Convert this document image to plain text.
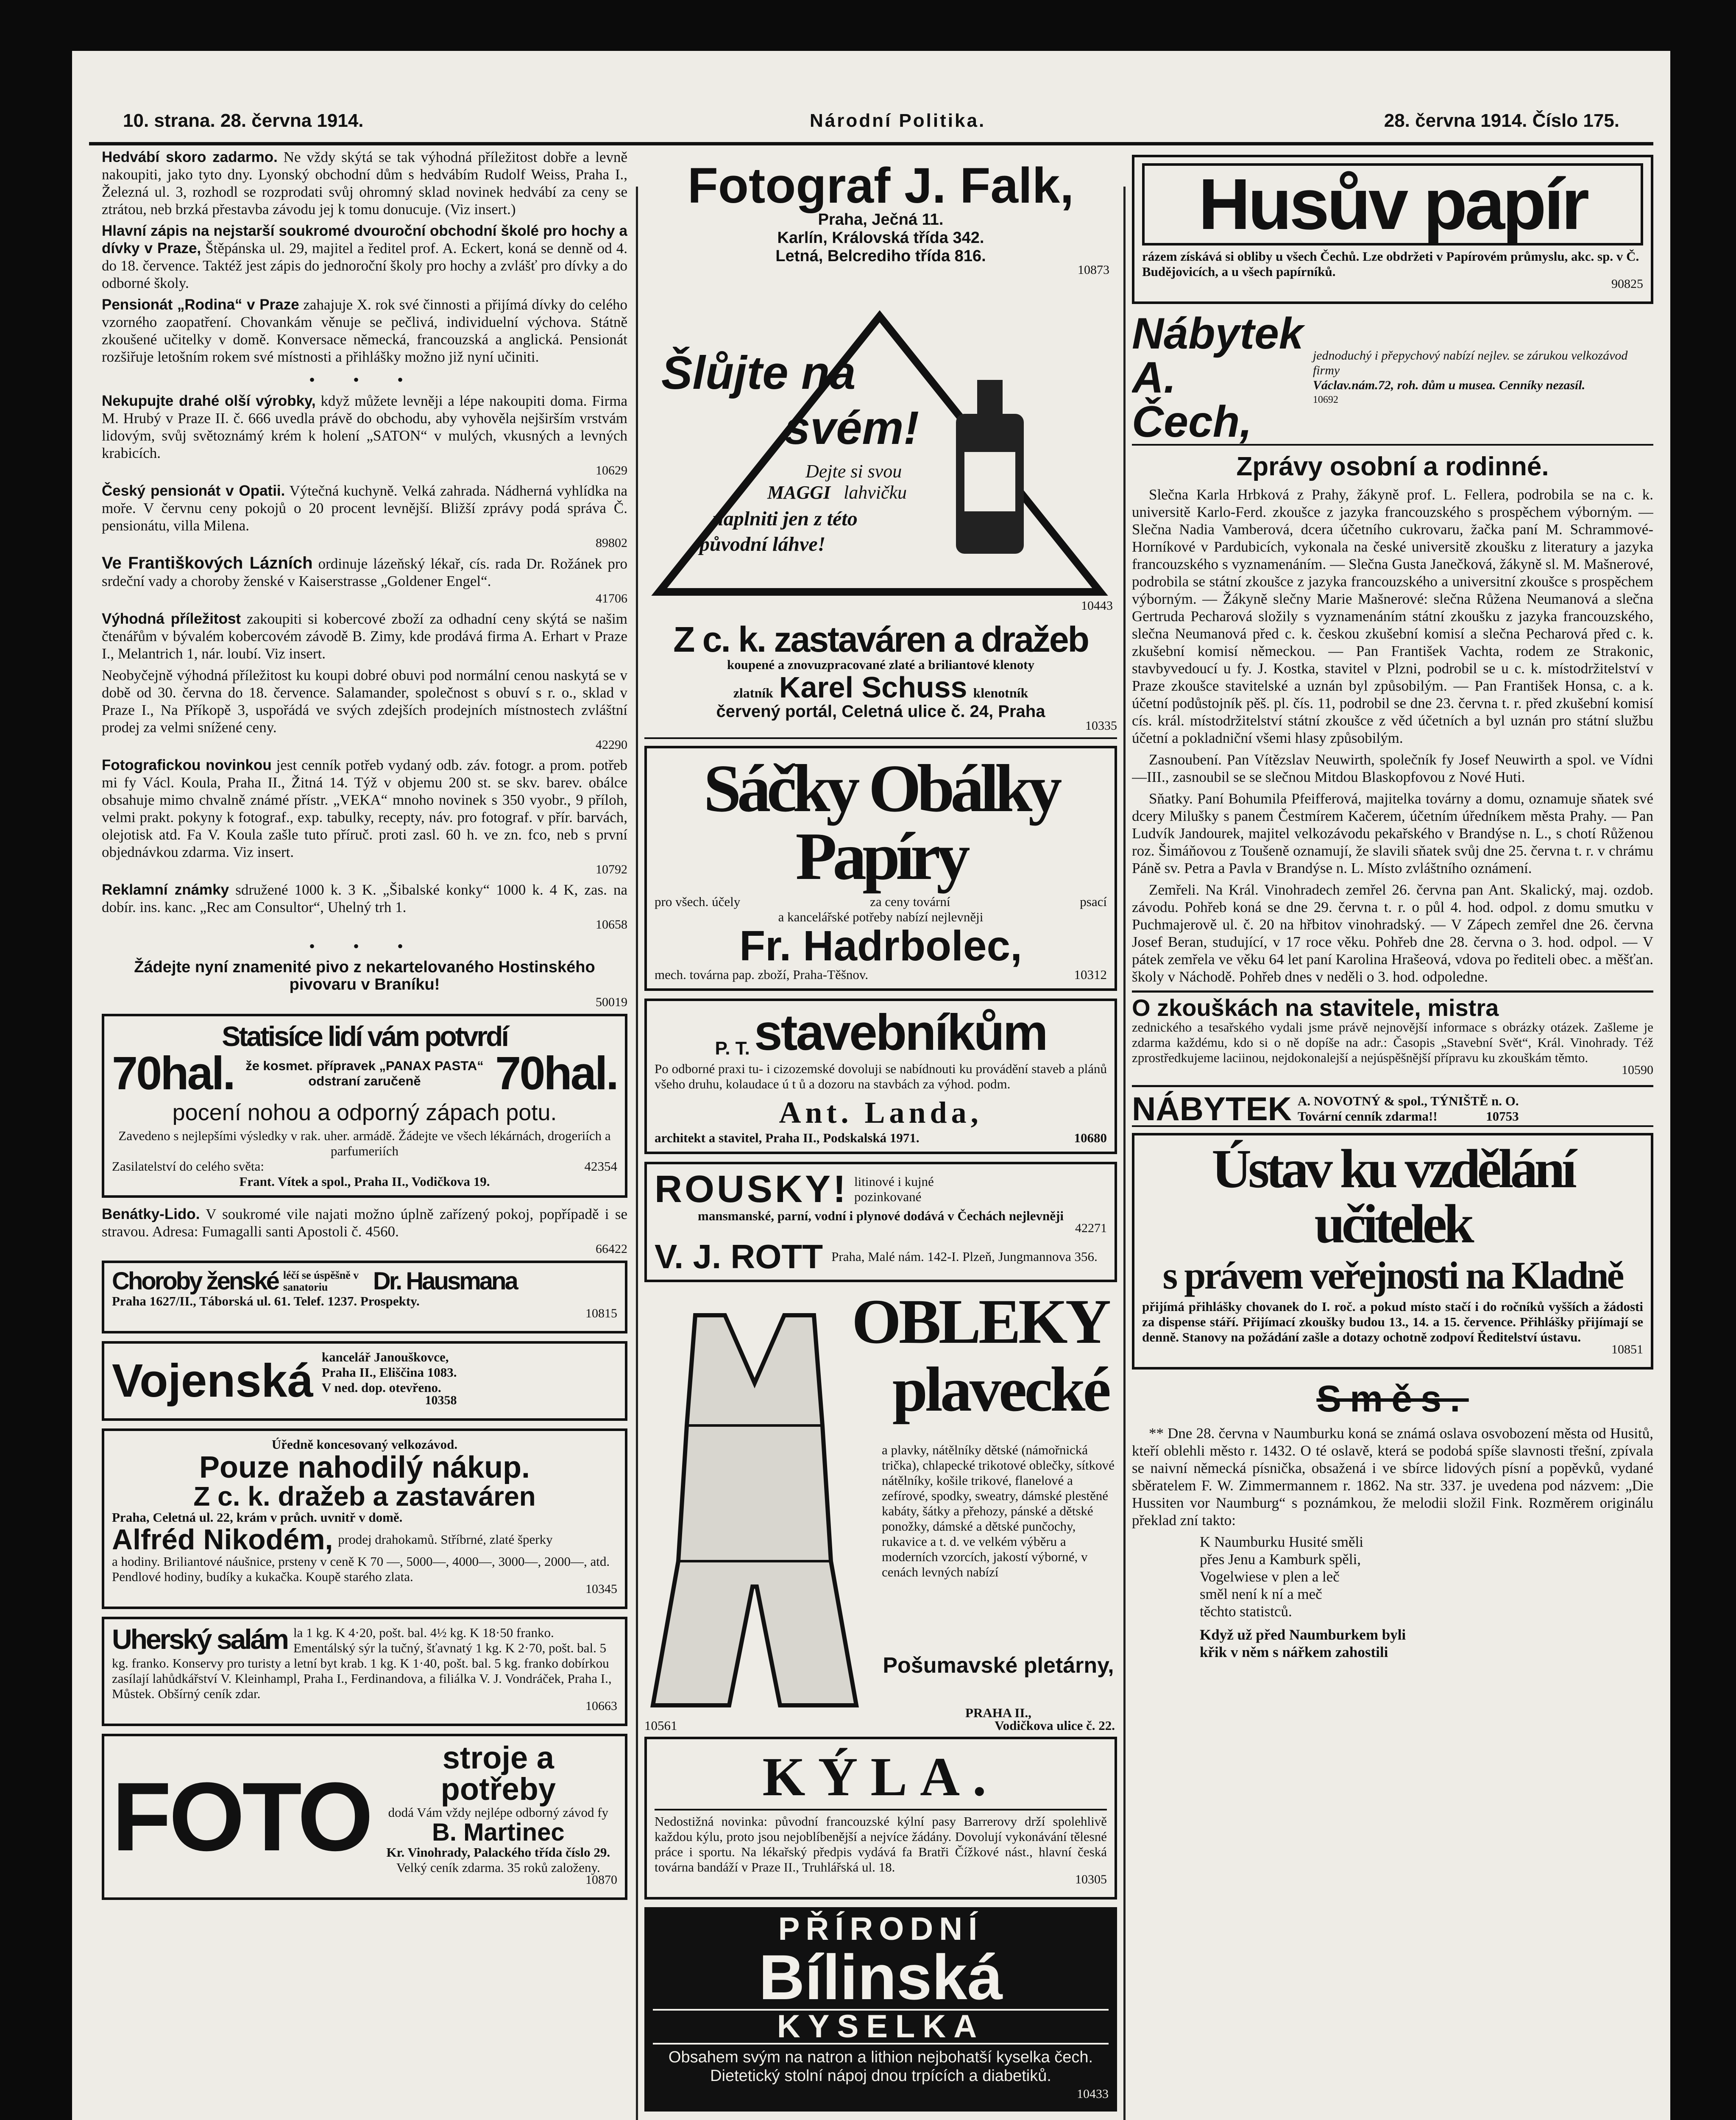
10. strana. 28. června 1914.	Národní Politika.	28. června 1914. Číslo 175.

Hedvábí skoro zadarmo. Ne vždy skýtá se tak výhodná příležitost dobře a levně nakoupiti, jako tyto dny. Lyonský obchodní dům s hedvábím Rudolf Weiss, Praha I., Železná ul. 3, rozhodl se rozprodati svůj ohromný sklad novinek hedvábí za ceny se ztrátou, neb brzká přestavba závodu jej k tomu donucuje. (Viz insert.)

Hlavní zápis na nejstarší soukromé dvouroční obchodní školé pro hochy a dívky v Praze, Štěpánska ul. 29, majitel a ředitel prof. A. Eckert, koná se denně od 4. do 18. července. Taktéž jest zápis do jednoroční školy pro hochy a zvlášť pro dívky a do odborné školy.

Pensionát „Rodina“ v Praze zahajuje X. rok své činnosti a přijímá dívky do celého vzorného zaopatření. Chovankám věnuje se pečlivá, individuelní výchova. Státně zkoušené učitelky v domě. Konversace německá, francouzská a anglická. Pensionát rozšiřuje letošním rokem své místnosti a přihlášky možno již nyní učiniti.

• • •

Nekupujte drahé olší výrobky, když můžete levněji a lépe nakoupiti doma. Firma M. Hrubý v Praze II. č. 666 uvedla právě do obchodu, aby vyhověla nejširším vrstvám lidovým, svůj světoznámý krém k holení „SATON“ v mulých, vkusných a levných krabicích.

10629

Český pensionát v Opatii. Výtečná kuchyně. Velká zahrada. Nádherná vyhlídka na moře. V červnu ceny pokojů o 20 procent levnější. Bližší zprávy podá správa Č. pensionátu, villa Milena.

89802

Ve Františkových Lázních ordinuje lázeňský lékař, cís. rada Dr. Rožánek pro srdeční vady a choroby ženské v Kaiserstrasse „Goldener Engel“.

41706

Výhodná příležitost zakoupiti si kobercové zboží za odhadní ceny skýtá se našim čtenářům v bývalém kobercovém závodě B. Zimy, kde prodává firma A. Erhart v Praze I., Melantrich 1, nár. loubí. Viz insert.

Neobyčejně výhodná příležitost ku koupi dobré obuvi pod normální cenou naskytá se v době od 30. června do 18. července. Salamander, společnost s obuví s r. o., sklad v Praze I., Na Příkopě 3, uspořádá ve svých zdejších prodejních místnostech zvláštní prodej za velmi snížené ceny.

42290

Fotografickou novinkou jest cenník potřeb vydaný odb. záv. fotogr. a prom. potřeb mi fy Václ. Koula, Praha II., Žitná 14. Týž v objemu 200 st. se skv. barev. obálce obsahuje mimo chvalně známé přístr. „VEKA“ mnoho novinek s 350 vyobr., 9 příloh, velmi prakt. pokyny k fotograf., exp. tabulky, recepty, náv. pro fotograf. v přír. barvách, olejotisk atd. Fa V. Koula zašle tuto příruč. proti zasl. 60 h. ve zn. fco, neb s první objednávkou zdarma. Viz insert.

10792

Reklamní známky sdružené 1000 k. 3 K. „Šibalské konky“ 1000 k. 4 K, zas. na dobír. ins. kanc. „Rec am Consultor“, Uhelný trh 1.

10658
• • •

Žádejte nyní znamenité pivo z nekartelovaného Hostinského pivovaru v Braníku!

50019
Statisíce lidí vám potvrdí
70hal. že kosmet. přípravek „PANAX PASTA“ odstraní zaručeně	70hal.
pocení nohou a odporný zápach potu.
Zavedeno s nejlepšími výsledky v rak. uher. armádě. Žádejte ve všech lékárnách, drogeriích a parfumeriích
Zasilatelství do celého světa:	42354
Frant. Vítek a spol., Praha II., Vodičkova 19.

Benátky-Lido. V soukromé vile najati možno úplně zařízený pokoj, popřípadě i se stravou. Adresa: Fumagalli santi Apostoli č. 4560.

66422
Choroby ženské léčí se úspěšně v sanatoriu	Dr. Hausmana
Praha 1627/II., Táborská ul. 61. Telef. 1237. Prospekty.
10815
Vojenská kancelář Janouškovce,
Praha II., Eliščina 1083.
V ned. dop. otevřeno.
10358
Úředně koncesovaný velkozávod.
Pouze nahodilý nákup.
Z c. k. dražeb a zastaváren
Praha, Celetná ul. 22, krám v průch. uvnitř v domě.
Alfréd Nikodém, prodej drahokamů. Stříbrné, zlaté šperky
a hodiny. Briliantové náušnice, prsteny v ceně K 70 —, 5000—, 4000—, 3000—, 2000—, atd. Pendlové hodiny, budíky a kukačka. Koupě starého zlata.
10345
Uherský salám la 1 kg. K 4·20, pošt. bal. 4½ kg. K 18·50 franko. Ementálský sýr la tučný, šťavnatý 1 kg. K 2·70, pošt. bal. 5 kg. franko. Konservy pro turisty a letní byt krab. 1 kg. K 1·40, pošt. bal. 5 kg. franko dobírkou zasílají lahůdkářství V. Kleinhampl, Praha I., Ferdinandova, a filiálka V. J. Vondráček, Praha I., Můstek. Obšírný ceník zdar.
10663
FOTO
stroje a
potřeby
dodá Vám vždy nejlépe odborný závod fy
B. Martinec
Kr. Vinohrady, Palackého třída číslo 29.
Velký ceník zdarma. 35 roků založeny.
10870
Fotograf J. Falk,
Praha, Ječná 11.
Karlín, Královská třída 342.
Letná, Belcrediho třída 816.
10873
Šlůjte na
svém!
Dejte si svou
MAGGI lahvičku
naplniti jen z této
původní láhve!
10443
Z c. k. zastaváren a dražeb
koupené a znovuzpracované zlaté a briliantové klenoty
zlatník Karel Schuss klenotník
červený portál, Celetná ulice č. 24, Praha
10335
Sáčky Obálky Papíry
pro všech. účely	za ceny tovární	psací
a kancelářské potřeby nabízí nejlevněji
Fr. Hadrbolec,
mech. továrna pap. zboží, Praha-Těšnov.	10312
P. T. stavebníkům
Po odborné praxi tu- i cizozemské dovoluji se nabídnouti ku provádění staveb a plánů všeho druhu, kolaudace ú t ů a dozoru na stavbách za výhod. podm.
Ant. Landa,
architekt a stavitel, Praha II., Podskalská 1971.	10680
ROUSKY! litinové i kujné pozinkované
mansmanské, parní, vodní i plynové dodává v Čechách nejlevněji
42271
V. J. ROTT Praha, Malé nám. 142-I. Plzeň, Jungmannova 356.
OBLEKY
plavecké
a plavky, nátělníky dětské (námořnická trička), chlapecké trikotové oblečky, sítkové nátělníky, košile trikové, flanelové a zefírové, spodky, sweatry, dámské plestěné kabáty, šátky a přehozy, pánské a dětské ponožky, dámské a dětské punčochy, rukavice a t. d. ve velkém výběru a moderních vzorcích, jakostí výborné, v cenách levných nabízí
Pošumavské pletárny,
PRAHA II.,
Vodičkova ulice č. 22.
10561
KÝLA.
Nedostižná novinka: původní francouzské kýlní pasy Barrerovy drží spolehlivě každou kýlu, proto jsou nejoblíbenější a nejvíce žádány. Dovolují vykonávání tělesné práce i sportu. Na lékařský předpis vydává fa Bratři Čížkové nást., hlavní česká továrna bandáží v Praze II., Truhlářská ul. 18.
10305
PŘÍRODNÍ
Bílinská
KYSELKA
Obsahem svým na natron a lithion nejbohatší kyselka čech. Dietetický stolní nápoj dnou trpících a diabetiků.
10433
Husův papír
rázem získává si obliby u všech Čechů. Lze obdržeti v Papírovém průmyslu, akc. sp. v Č. Budějovicích, a u všech papírníků.
90825
Nábytek
A. Čech,
jednoduchý i přepychový nabízí nejlev. se zárukou velkozávod firmy
Václav.nám.72, roh. dům u musea. Cenníky nezasíl.
10692
Zprávy osobní a rodinné.

Slečna Karla Hrbková z Prahy, žákyně prof. L. Fellera, podrobila se na c. k. universitě Karlo-Ferd. zkoušce z jazyka francouzského s prospěchem výborným. — Slečna Nadia Vamberová, dcera účetního cukrovaru, žačka paní M. Schrammové-Horníkové v Pardubicích, vykonala na české universitě zkoušku z literatury a jazyka francouzského s vyznamenáním. — Slečna Gusta Janečková, žákyně sl. M. Mašnerové, podrobila se státní zkoušce z jazyka francouzského a universitní zkoušce s prospěchem výborným. — Žákyně slečny Marie Mašnerové: slečna Růžena Neumanová a slečna Gertruda Pecharová složily s vyznamenáním státní zkoušku z jazyka francouzského, slečna Neumanová před c. k. českou zkušební komisí a slečna Pecharová před c. k. zkušební komisí německou. — Pan František Vachta, rodem ze Strakonic, stavbyvedoucí u fy. J. Kostka, stavitel v Plzni, podrobil se u c. k. místodržitelství v Praze zkoušce stavitelské a uznán byl způsobilým. — Pan František Honsa, c. a k. účetní podůstojník pěš. pl. čís. 11, podrobil se dne 23. června t. r. před zkušební komisí cís. král. místodržitelství státní zkoušce z věd účetních a byl uznán pro státní službu účetní a pokladniční všemi hlasy způsobilým.

Zasnoubení. Pan Vítězslav Neuwirth, společník fy Josef Neuwirth a spol. ve Vídni—III., zasnoubil se se slečnou Mitdou Blaskopfovou z Nové Huti.

Sňatky. Paní Bohumila Pfeifferová, majitelka továrny a domu, oznamuje sňatek své dcery Milušky s panem Čestmírem Kačerem, účetním úředníkem města Prahy. — Pan Ludvík Jandourek, majitel velkozávodu pekařského v Brandýse n. L., s chotí Růženou roz. Šimáňovou z Toušeně oznamují, že slavili sňatek svůj dne 25. června t. r. v chrámu Páně sv. Petra a Pavla v Brandýse n. L. Místo zvláštního oznámení.

Zemřeli. Na Král. Vinohradech zemřel 26. června pan Ant. Skalický, maj. ozdob. závodu. Pohřeb koná se dne 29. června t. r. o půl 4. hod. odpol. z domu smutku v Puchmajerově ul. č. 20 na hřbitov vinohradský. — V Zápech zemřel dne 26. června Josef Beran, studující, v 17 roce věku. Pohřeb dne 28. června o 3. hod. odpol. — V pátek zemřela ve věku 64 let paní Karolina Hrašeová, vdova po řediteli obec. a měšťan. školy v Náchodě. Pohřeb dnes v neděli o 3. hod. odpoledne.

O zkouškách na stavitele, mistra
zednického a tesařského vydali jsme právě nejnovější informace s obrázky otázek. Zašleme je zdarma každému, kdo si o ně dopíše na adr.: Časopis „Stavební Svět“, Král. Vinohrady. Též zprostředkujeme laciinou, nejdokonalejší a nejúspěšnější přípravu ku zkouškám těmto.
10590
NÁBYTEK A. NOVOTNÝ & spol., TÝNIŠTĚ n. O.
Tovární cenník zdarma!!	10753
Ústav ku vzdělání učitelek
s právem veřejnosti na Kladně
přijímá přihlášky chovanek do I. roč. a pokud místo stačí i do ročníků vyšších a žádosti za dispense stáří. Přijímací zkoušky budou 13., 14. a 15. července. Přihlášky přijímají se denně. Stanovy na požádání zašle a dotazy ochotně zodpoví Ředitelství ústavu.
10851
Směs.

** Dne 28. června v Naumburku koná se známá oslava osvobození města od Husitů, kteří oblehli město r. 1432. O té oslavě, která se podobá spíše slavnosti třešní, zpívala se naivní německá písnička, obsažená i ve sbírce lidových písní a popěvků, vydané sběratelem F. W. Zimmermannem r. 1862. Na str. 337. je uvedena pod názvem: „Die Hussiten vor Naumburg“ s poznámkou, že melodii složil Fink. Rozměrem originálu překlad zní takto:

K Naumburku Husité směli
přes Jenu a Kamburk spěli,
Vogelwiese v plen a leč
směl není k ní a meč
těchto statistců.
Když už před Naumburkem byli
křik v něm s nářkem zahostili
